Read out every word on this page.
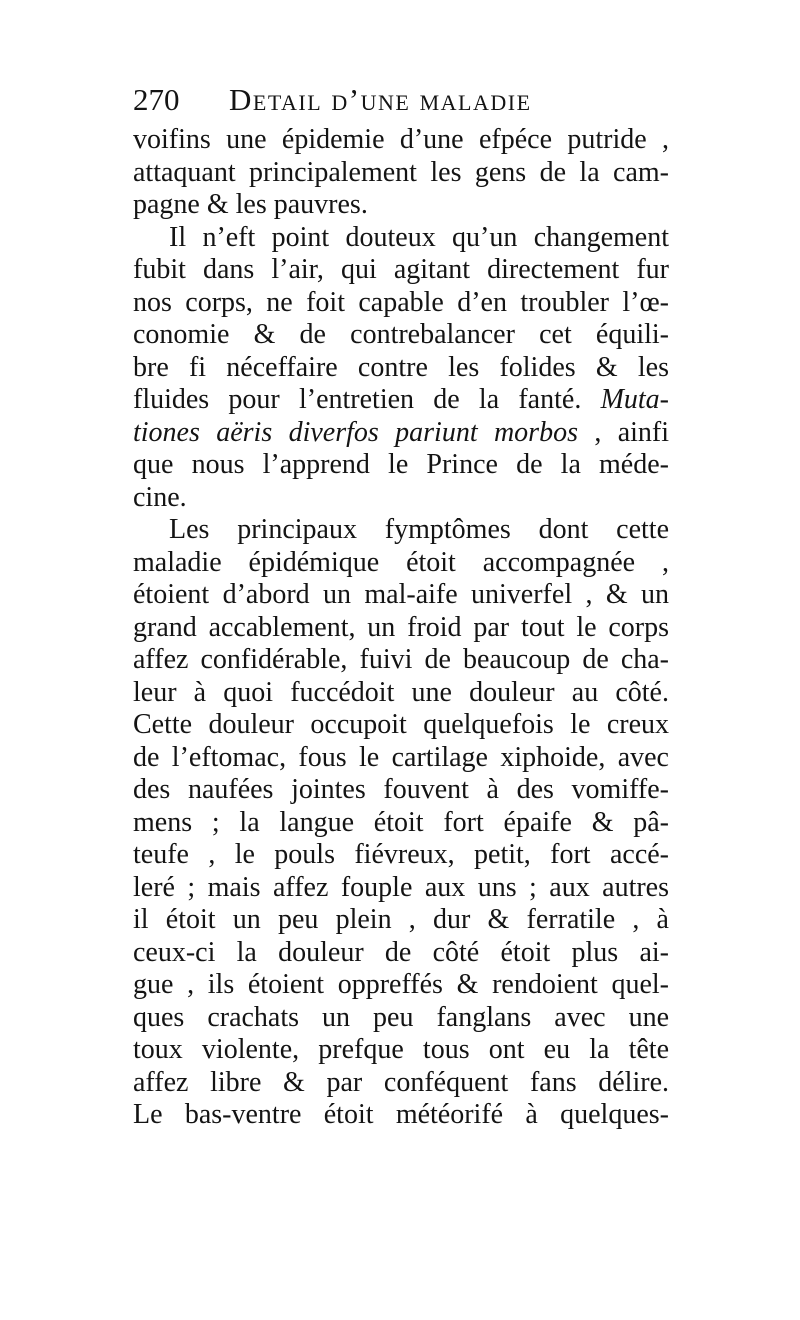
270 Detail d’une maladie
voifins une épidemie d’une efpéce putride ,
attaquant principalement les gens de la cam-
pagne & les pauvres.
Il n’eft point douteux qu’un changement
fubit dans l’air, qui agitant directement fur
nos corps, ne foit capable d’en troubler l’œ-
conomie & de contrebalancer cet équili-
bre fi néceffaire contre les folides & les
fluides pour l’entretien de la fanté. Muta-
tiones aëris diverfos pariunt morbos , ainfi
que nous l’apprend le Prince de la méde-
cine.
Les principaux fymptômes dont cette
maladie épidémique étoit accompagnée ,
étoient d’abord un mal-aife univerfel , & un
grand accablement, un froid par tout le corps
affez confidérable, fuivi de beaucoup de cha-
leur à quoi fuccédoit une douleur au côté.
Cette douleur occupoit quelquefois le creux
de l’eftomac, fous le cartilage xiphoide, avec
des naufées jointes fouvent à des vomiffe-
mens ; la langue étoit fort épaife & pâ-
teufe , le pouls fiévreux, petit, fort accé-
leré ; mais affez fouple aux uns ; aux autres
il étoit un peu plein , dur & ferratile , à
ceux-ci la douleur de côté étoit plus ai-
gue , ils étoient oppreffés & rendoient quel-
ques crachats un peu fanglans avec une
toux violente, prefque tous ont eu la tête
affez libre & par conféquent fans délire.
Le bas-ventre étoit météorifé à quelques-
